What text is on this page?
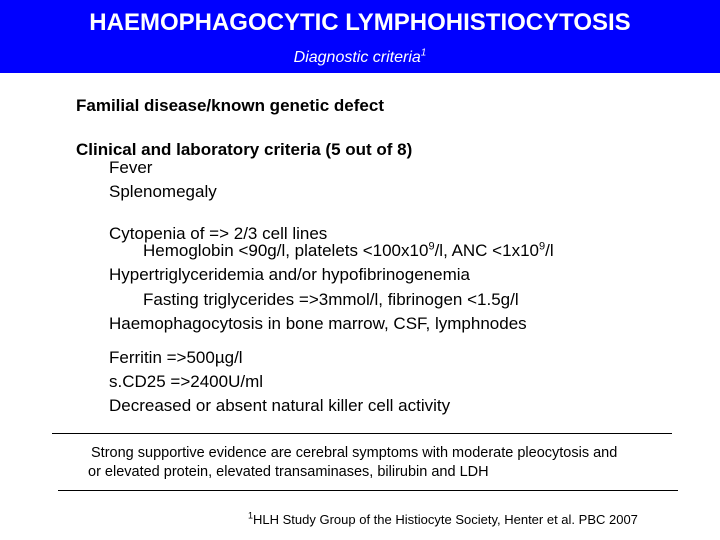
HAEMOPHAGOCYTIC LYMPHOHISTIOCYTOSIS
Diagnostic criteria$^1$
Familial disease/known genetic defect
Clinical and laboratory criteria (5 out of 8)
Fever
Splenomegaly
Cytopenia of => 2/3 cell lines
Hemoglobin <90g/l, platelets $<100x10^9/l$, ANC $<1x10^9/l$
Hypertriglyceridemia and/or hypofibrinogenemia
Fasting triglycerides =>3mmol/l, fibrinogen <1.5g/l
Haemophagocytosis in bone marrow, CSF, lymphnodes
Ferritin =>500µg/l
s.CD25 =>2400U/ml
Decreased or absent natural killer cell activity
Strong supportive evidence are cerebral symptoms with moderate pleocytosis and
or elevated protein, elevated transaminases, bilirubin and LDH
$^1$HLH Study Group of the Histiocyte Society, Henter et al. PBC 2007
